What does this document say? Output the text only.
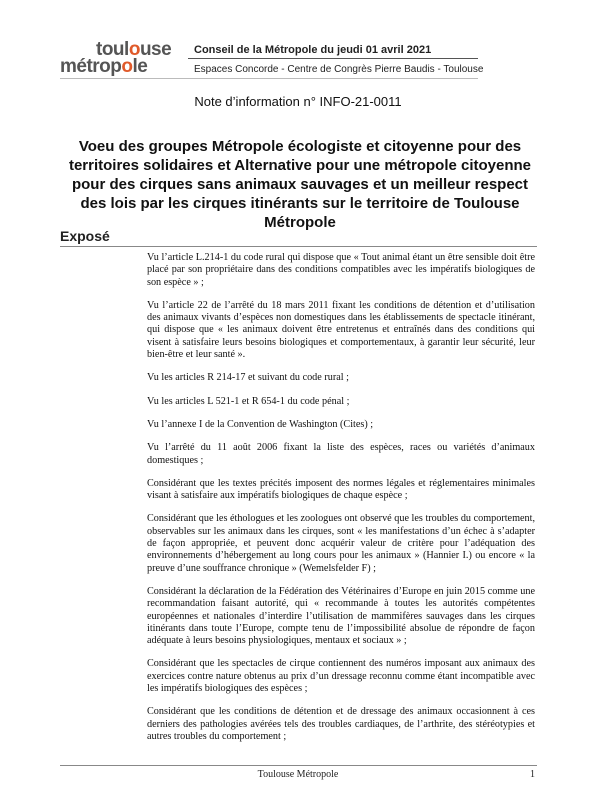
toulouse
métropole
Conseil de la Métropole du jeudi 01 avril 2021
Espaces Concorde - Centre de Congrès Pierre Baudis - Toulouse
Note d’information n° INFO-21-0011
Voeu des groupes Métropole écologiste et citoyenne pour des territoires solidaires et Alternative pour une métropole citoyenne pour des cirques sans animaux sauvages et un meilleur respect des lois par les cirques itinérants sur le territoire de Toulouse Métropole
Exposé

Vu l’article L.214-1 du code rural qui dispose que « Tout animal étant un être sensible doit être placé par son propriétaire dans des conditions compatibles avec les impératifs biologiques de son espèce » ;

Vu l’article 22 de l’arrêté du 18 mars 2011 fixant les conditions de détention et d’utilisation des animaux vivants d’espèces non domestiques dans les établissements de spectacle itinérant, qui dispose que « les animaux doivent être entretenus et entraînés dans des conditions qui visent à satisfaire leurs besoins biologiques et comportementaux, à garantir leur sécurité, leur bien-être et leur santé ».

Vu les articles R 214-17 et suivant du code rural ;

Vu les articles L 521-1 et R 654-1 du code pénal ;

Vu l’annexe I de la Convention de Washington (Cites) ;

Vu l’arrêté du 11 août 2006 fixant la liste des espèces, races ou variétés d’animaux domestiques ;

Considérant que les textes précités imposent des normes légales et réglementaires minimales visant à satisfaire aux impératifs biologiques de chaque espèce ;

Considérant que les éthologues et les zoologues ont observé que les troubles du comportement, observables sur les animaux dans les cirques, sont « les manifestations d’un échec à s’adapter de façon appropriée, et peuvent donc acquérir valeur de critère pour l’adéquation des environnements d’hébergement au long cours pour les animaux » (Hannier I.) ou encore « la preuve d’une souffrance chronique » (Wemelsfelder F) ;

Considérant la déclaration de la Fédération des Vétérinaires d’Europe en juin 2015 comme une recommandation faisant autorité, qui « recommande à toutes les autorités compétentes européennes et nationales d’interdire l’utilisation de mammifères sauvages dans les cirques itinérants dans toute l’Europe, compte tenu de l’impossibilité absolue de répondre de façon adéquate à leurs besoins physiologiques, mentaux et sociaux » ;

Considérant que les spectacles de cirque contiennent des numéros imposant aux animaux des exercices contre nature obtenus au prix d’un dressage reconnu comme étant incompatible avec les impératifs biologiques des espèces ;

Considérant que les conditions de détention et de dressage des animaux occasionnent à ces derniers des pathologies avérées tels des troubles cardiaques, de l’arthrite, des stéréotypies et autres troubles du comportement ;

Toulouse Métropole	1
